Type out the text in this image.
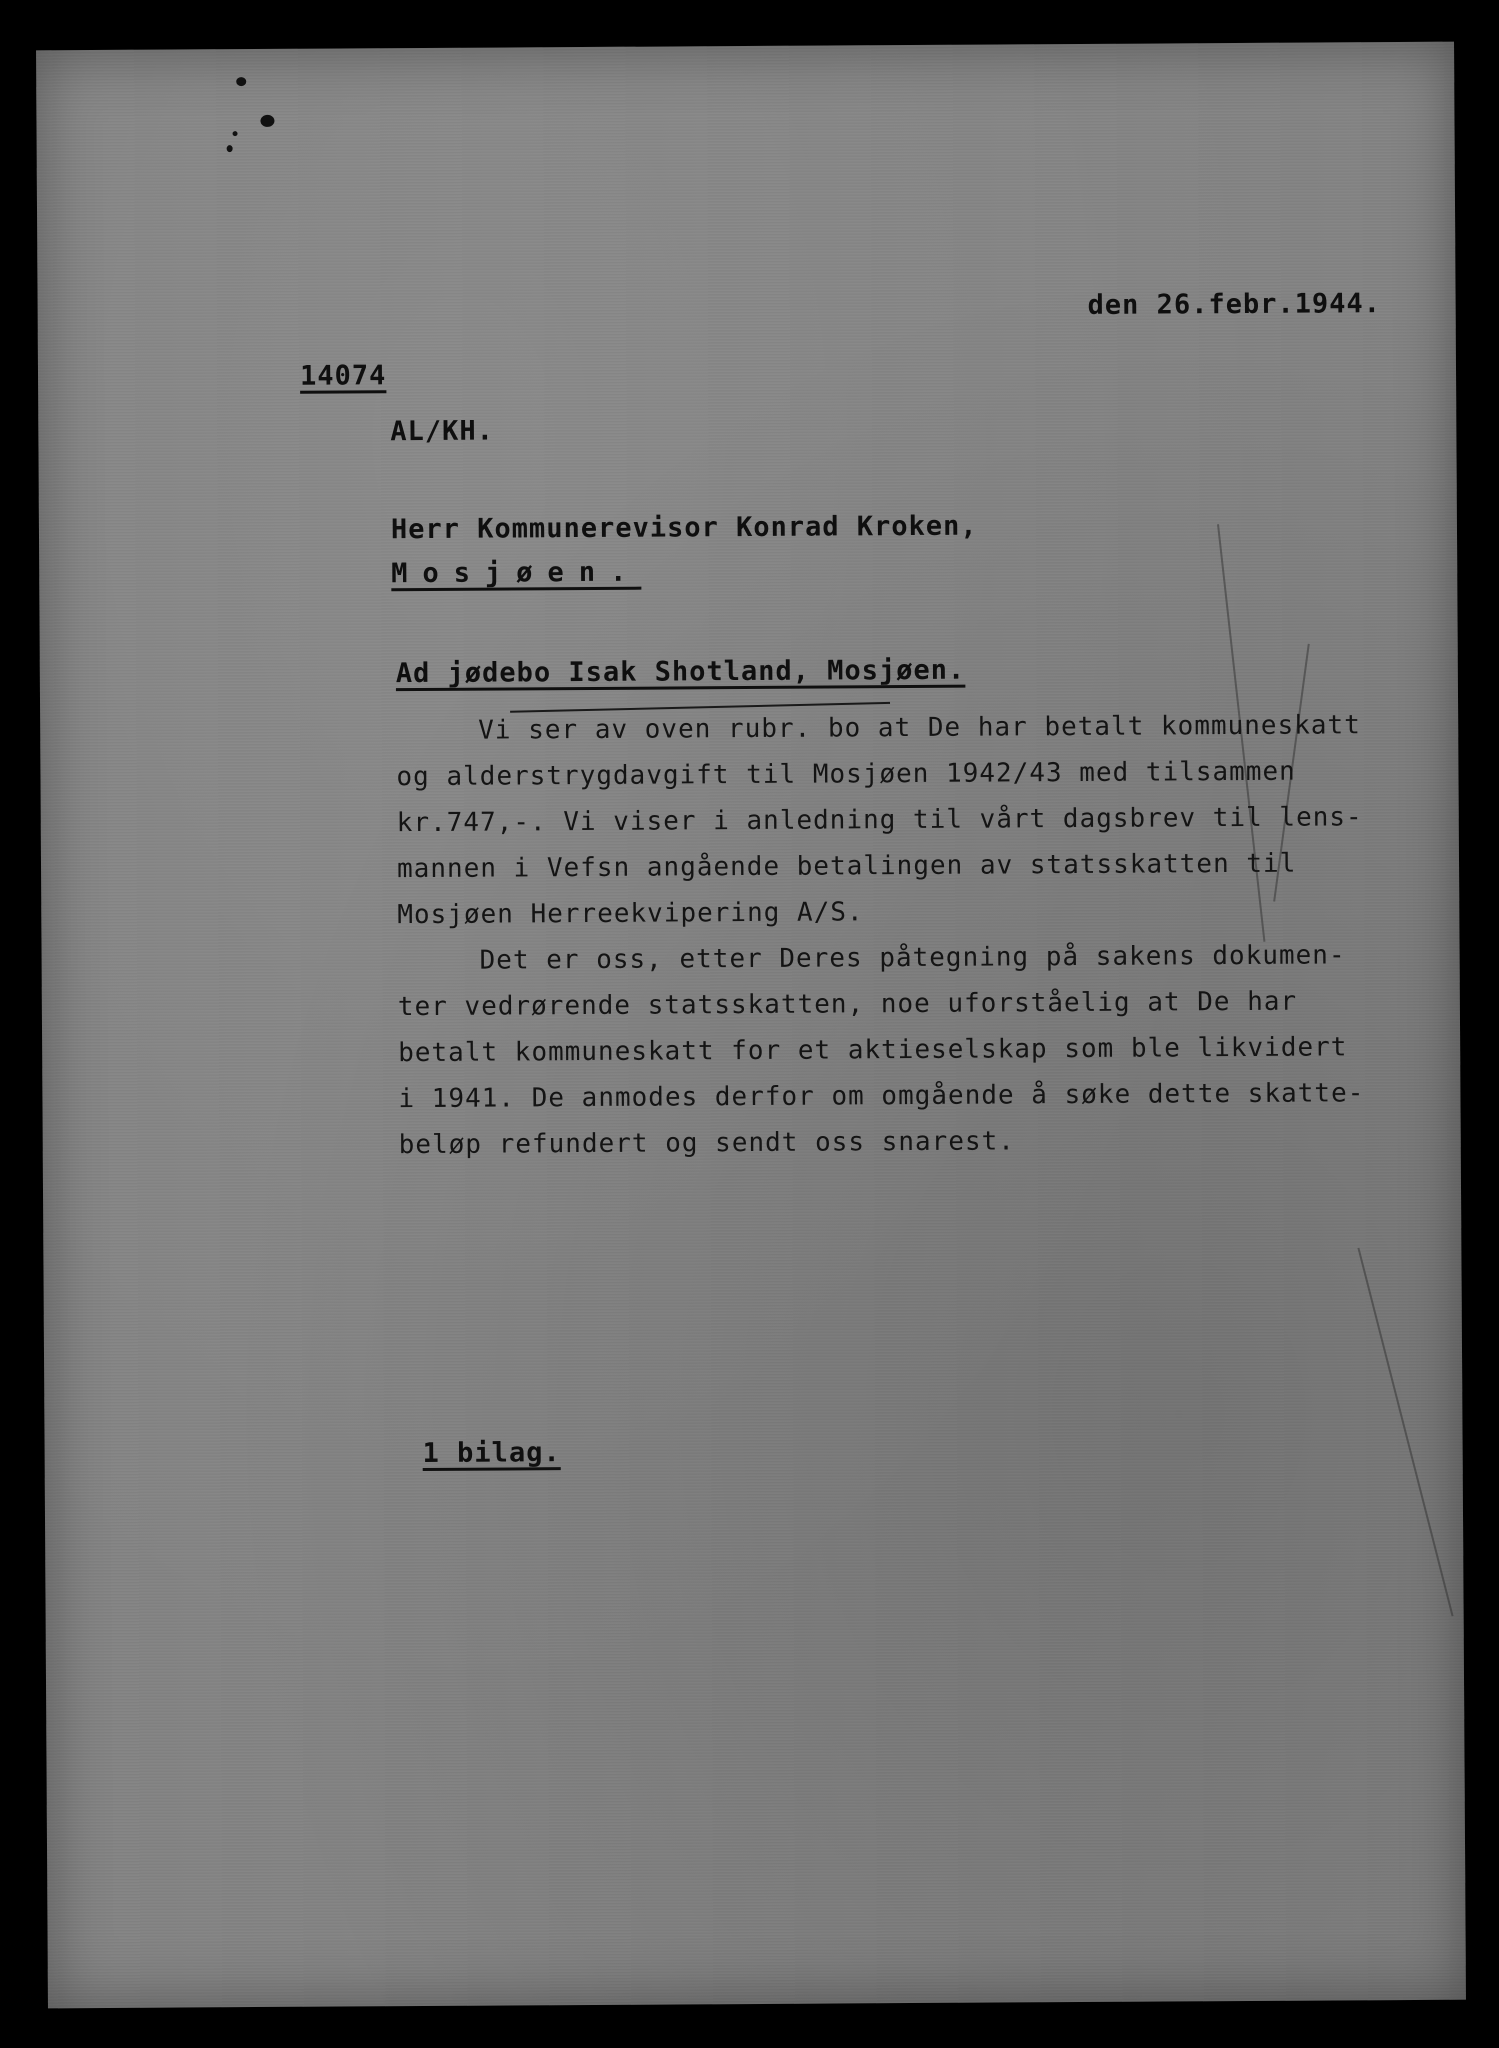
den 26.febr.1944.

14074

AL/KH.

Herr Kommunerevisor Konrad Kroken,

Mosjøen.

Ad jødebo Isak Shotland, Mosjøen.

Vi ser av oven rubr. bo at De har betalt kommuneskatt

og alderstrygdavgift til Mosjøen 1942/43 med tilsammen

kr.747,-. Vi viser i anledning til vårt dagsbrev til lens-

mannen i Vefsn angående betalingen av statsskatten til

Mosjøen Herreekvipering A/S.

Det er oss, etter Deres påtegning på sakens dokumen-

ter vedrørende statsskatten, noe uforståelig at De har

betalt kommuneskatt for et aktieselskap som ble likvidert

i 1941. De anmodes derfor om omgående å søke dette skatte-

beløp refundert og sendt oss snarest.

1 bilag.
